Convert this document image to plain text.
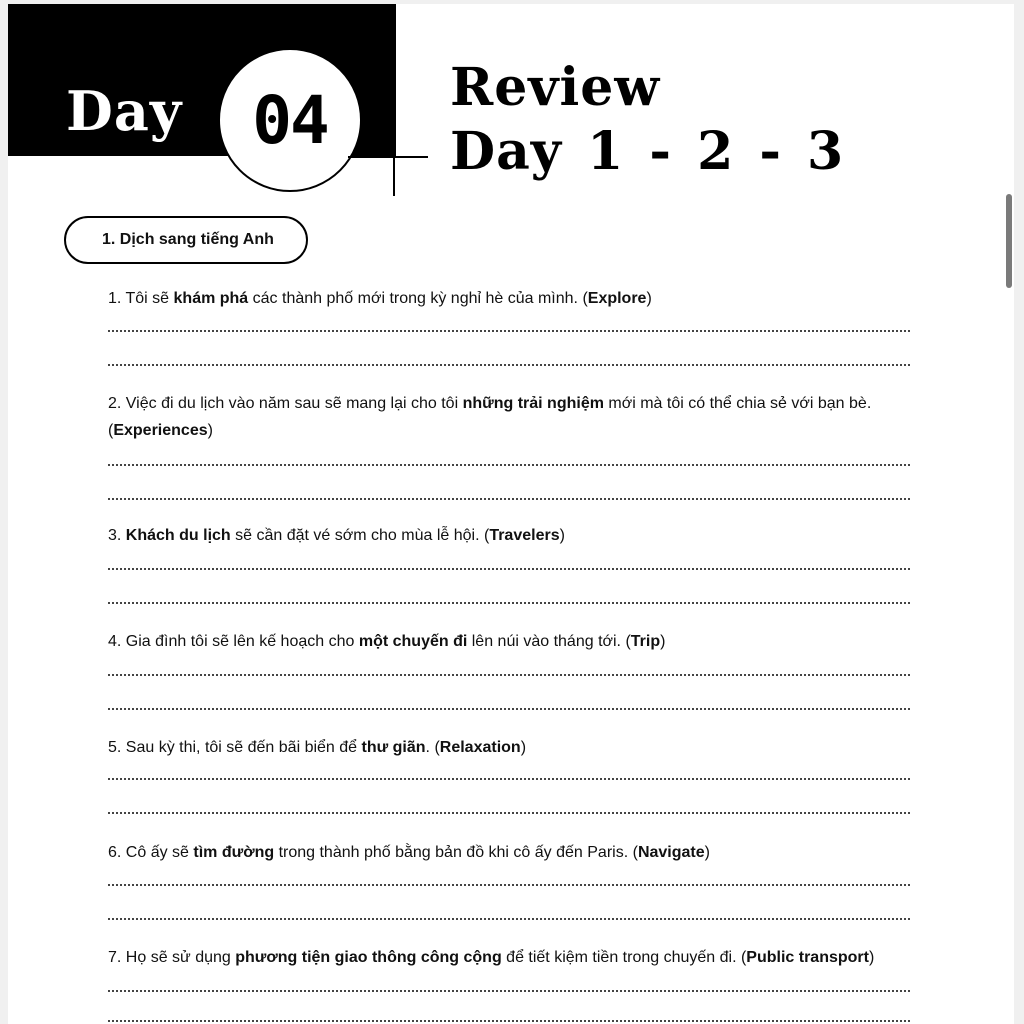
Day	04	Review
Day 1 - 2 - 3
1. Dịch sang tiếng Anh

1. Tôi sẽ khám phá các thành phố mới trong kỳ nghỉ hè của mình. (Explore)

2. Việc đi du lịch vào năm sau sẽ mang lại cho tôi những trải nghiệm mới mà tôi có thể chia sẻ với bạn bè. (Experiences)

3. Khách du lịch sẽ cần đặt vé sớm cho mùa lễ hội. (Travelers)

4. Gia đình tôi sẽ lên kế hoạch cho một chuyến đi lên núi vào tháng tới. (Trip)

5. Sau kỳ thi, tôi sẽ đến bãi biển để thư giãn. (Relaxation)

6. Cô ấy sẽ tìm đường trong thành phố bằng bản đồ khi cô ấy đến Paris. (Navigate)

7. Họ sẽ sử dụng phương tiện giao thông công cộng để tiết kiệm tiền trong chuyến đi. (Public transport)
